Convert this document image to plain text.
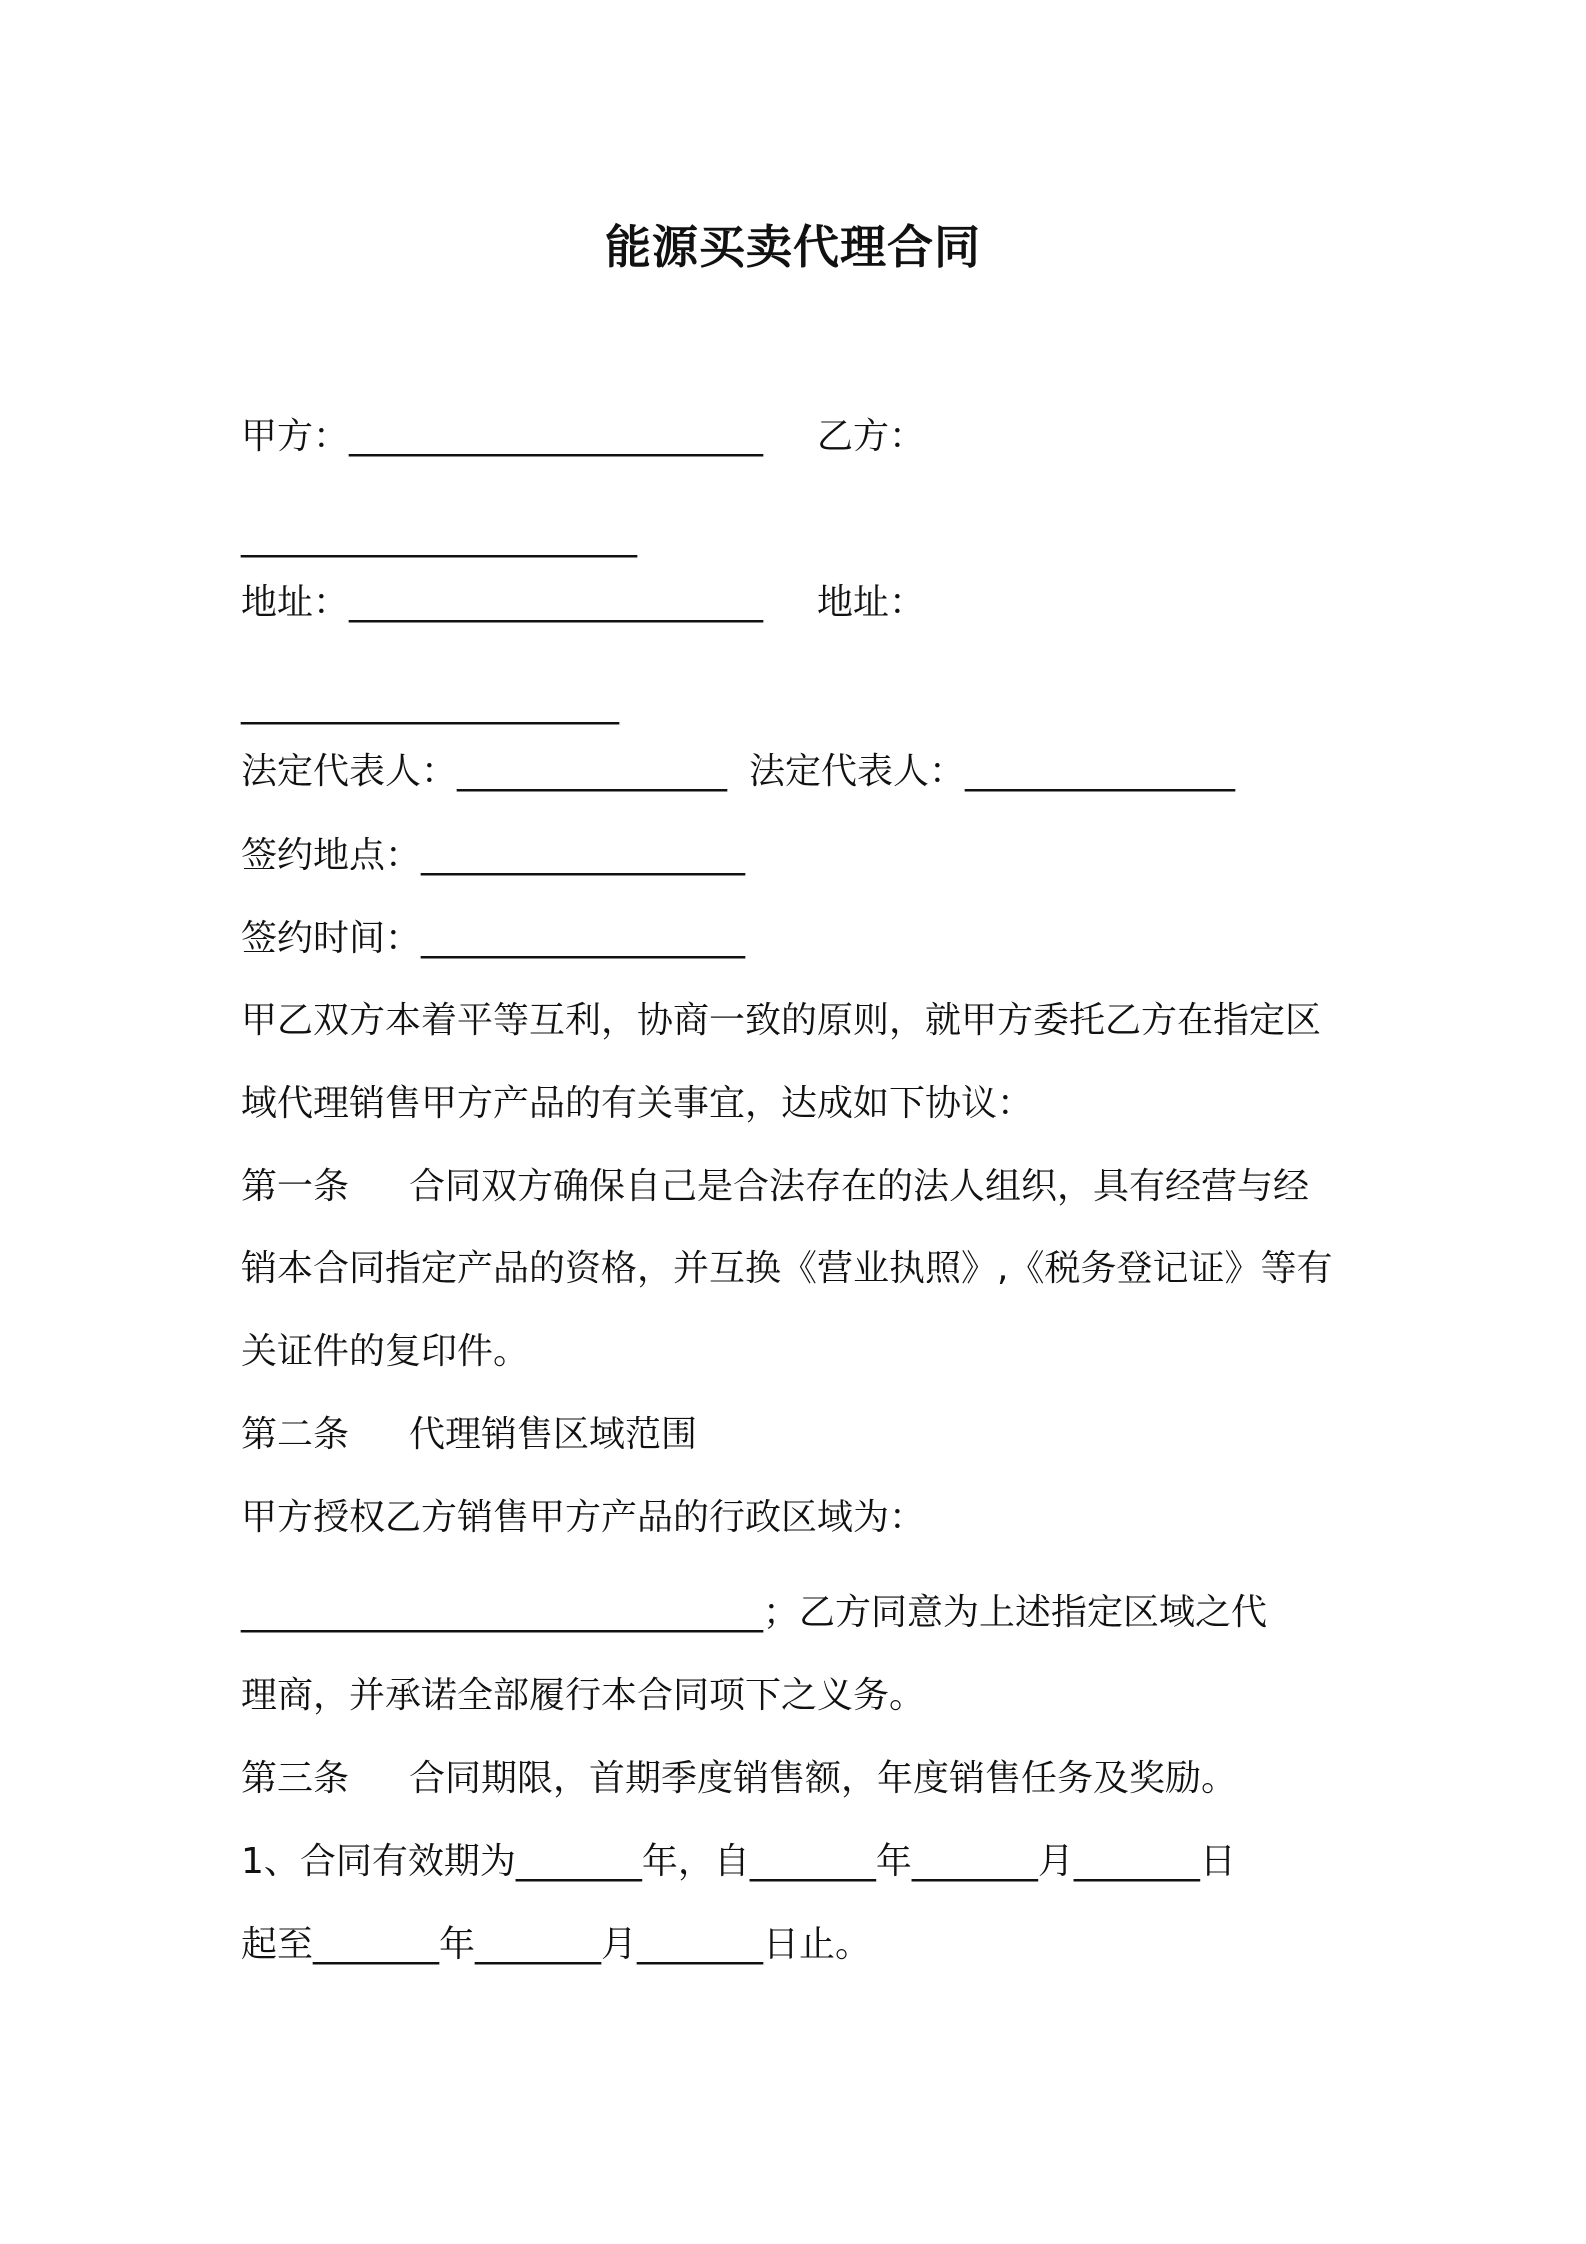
能源买卖代理合同
甲方：_______________________ 乙方：
______________________
地址：_______________________ 地址：
_____________________
法定代表人：_______________ 法定代表人：_______________
签约地点：__________________
签约时间：__________________
甲乙双方本着平等互利，协商一致的原则，就甲方委托乙方在指定区
域代理销售甲方产品的有关事宜，达成如下协议：
第一条 合同双方确保自己是合法存在的法人组织，具有经营与经
销本合同指定产品的资格，并互换《营业执照》,《税务登记证》等有
关证件的复印件。
第二条 代理销售区域范围
甲方授权乙方销售甲方产品的行政区域为：
_____________________________；乙方同意为上述指定区域之代
理商，并承诺全部履行本合同项下之义务。
第三条 合同期限，首期季度销售额，年度销售任务及奖励。
1、合同有效期为_______年，自_______年_______月_______日
起至_______年_______月_______日止。
